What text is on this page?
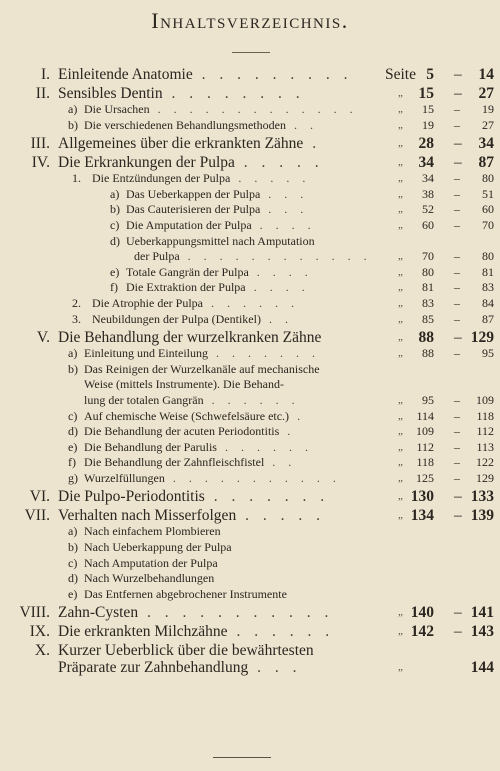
Inhaltsverzeichnis.
I. Einleitende Anatomie . . . . . . . . . Seite 5 – 14
II. Sensibles Dentin . . . . . . . .	„ 15 – 27
a) Die Ursachen . . . . . . . . . . . . .	„ 15 – 19
b) Die verschiedenen Behandlungsmethoden . .	„ 19 – 27
III. Allgemeines über die erkrankten Zähne .	„ 28 – 34
IV. Die Erkrankungen der Pulpa . . . . .	„ 34 – 87
1. Die Entzündungen der Pulpa . . . . .	„ 34 – 80
a) Das Ueberkappen der Pulpa . . .	„ 38 – 51
b) Das Cauterisieren der Pulpa . . .	„ 52 – 60
c) Die Amputation der Pulpa . . . .	„ 60 – 70
d) Ueberkappungsmittel nach Amputation
der Pulpa . . . . . . . . . . . . „ 70 – 80
e) Totale Gangrän der Pulpa . . . .	„ 80 – 81
f) Die Extraktion der Pulpa . . . .	„ 81 – 83
2. Die Atrophie der Pulpa . . . . . .	„ 83 – 84
3. Neubildungen der Pulpa (Dentikel) . .	„ 85 – 87
V. Die Behandlung der wurzelkranken Zähne	„ 88 – 129
a) Einleitung und Einteilung . . . . . . .	„ 88 – 95
b) Das Reinigen der Wurzelkanäle auf mechanische
Weise (mittels Instrumente). Die Behand-
lung der totalen Gangrän . . . . . .	„ 95 – 109
c) Auf chemische Weise (Schwefelsäure etc.) .	„ 114 – 118
d) Die Behandlung der acuten Periodontitis .	„ 109 – 112
e) Die Behandlung der Parulis . . . . . .	„ 112 – 113
f) Die Behandlung der Zahnfleischfistel . .	„ 118 – 122
g) Wurzelfüllungen . . . . . . . . . . .	„ 125 – 129
VI. Die Pulpo-Periodontitis . . . . . . .	„ 130 – 133
VII. Verhalten nach Misserfolgen . . . . .	„ 134 – 139
a) Nach einfachem Plombieren
b) Nach Ueberkappung der Pulpa
c) Nach Amputation der Pulpa
d) Nach Wurzelbehandlungen
e) Das Entfernen abgebrochener Instrumente
VIII. Zahn-Cysten . . . . . . . . . . .	„ 140 – 141
IX. Die erkrankten Milchzähne . . . . . .	„ 142 – 143
X. Kurzer Ueberblick über die bewährtesten
Präparate zur Zahnbehandlung . . .	„	144
